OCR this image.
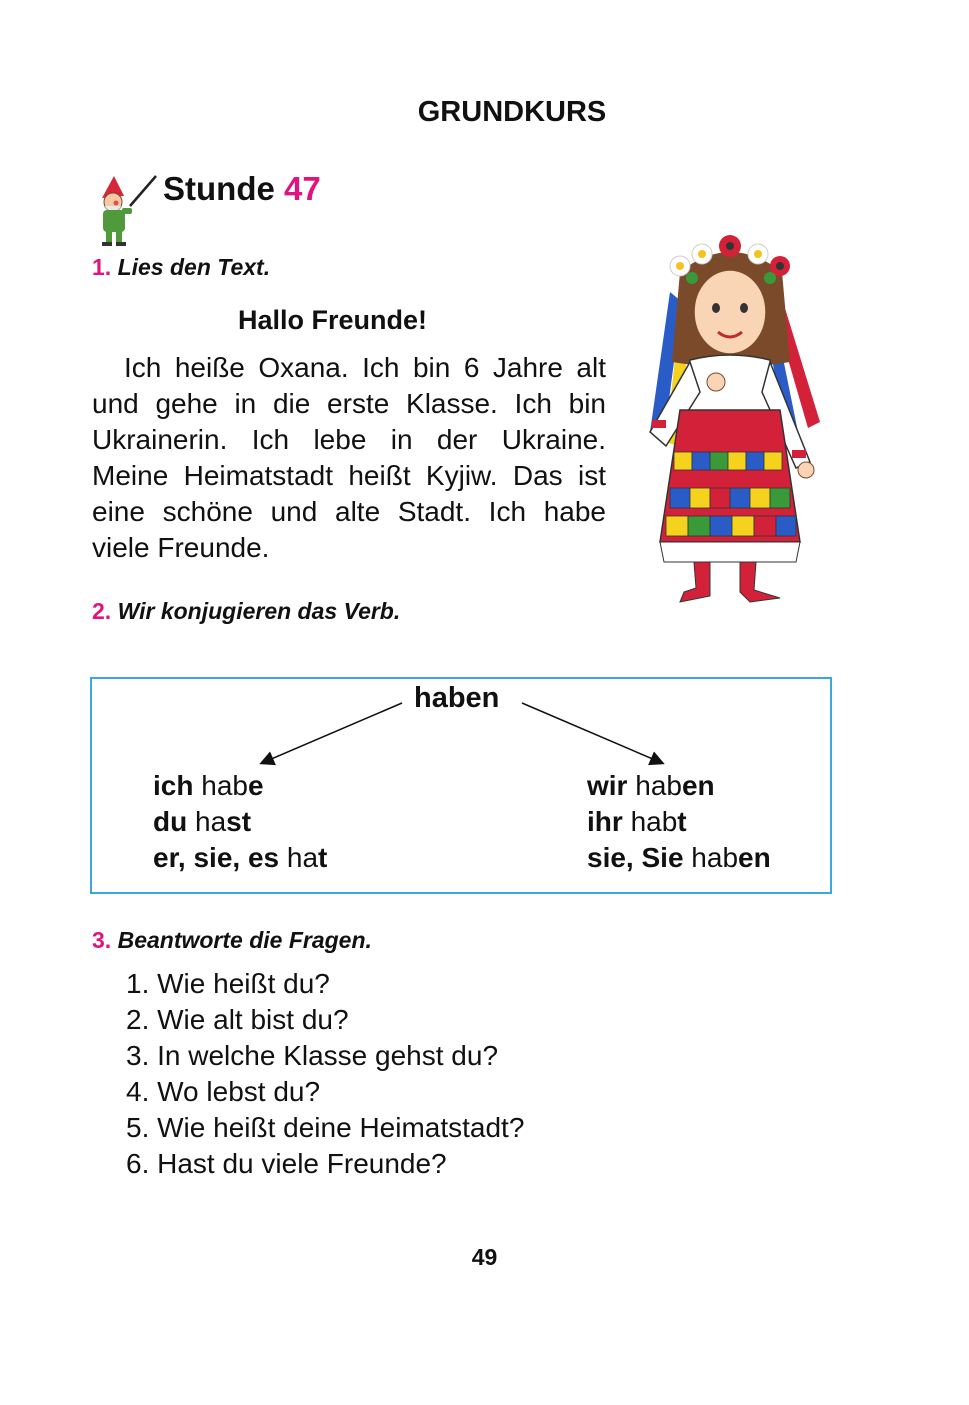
GRUNDKURS
Stunde 47
1. Lies den Text.
Hallo Freunde!

Ich heiße Oxana. Ich bin 6 Jahre alt und gehe in die erste Klasse. Ich bin Ukrainerin. Ich lebe in der Ukraine. Meine Heimatstadt heißt Kyjiw. Das ist eine schöne und alte Stadt. Ich habe viele Freunde.

2. Wir konjugieren das Verb.
haben
ich habe
du hast
er, sie, es hat
wir haben
ihr habt
sie, Sie haben
3. Beantworte die Fragen.
1. Wie heißt du?
2. Wie alt bist du?
3. In welche Klasse gehst du?
4. Wo lebst du?
5. Wie heißt deine Heimatstadt?
6. Hast du viele Freunde?
49
